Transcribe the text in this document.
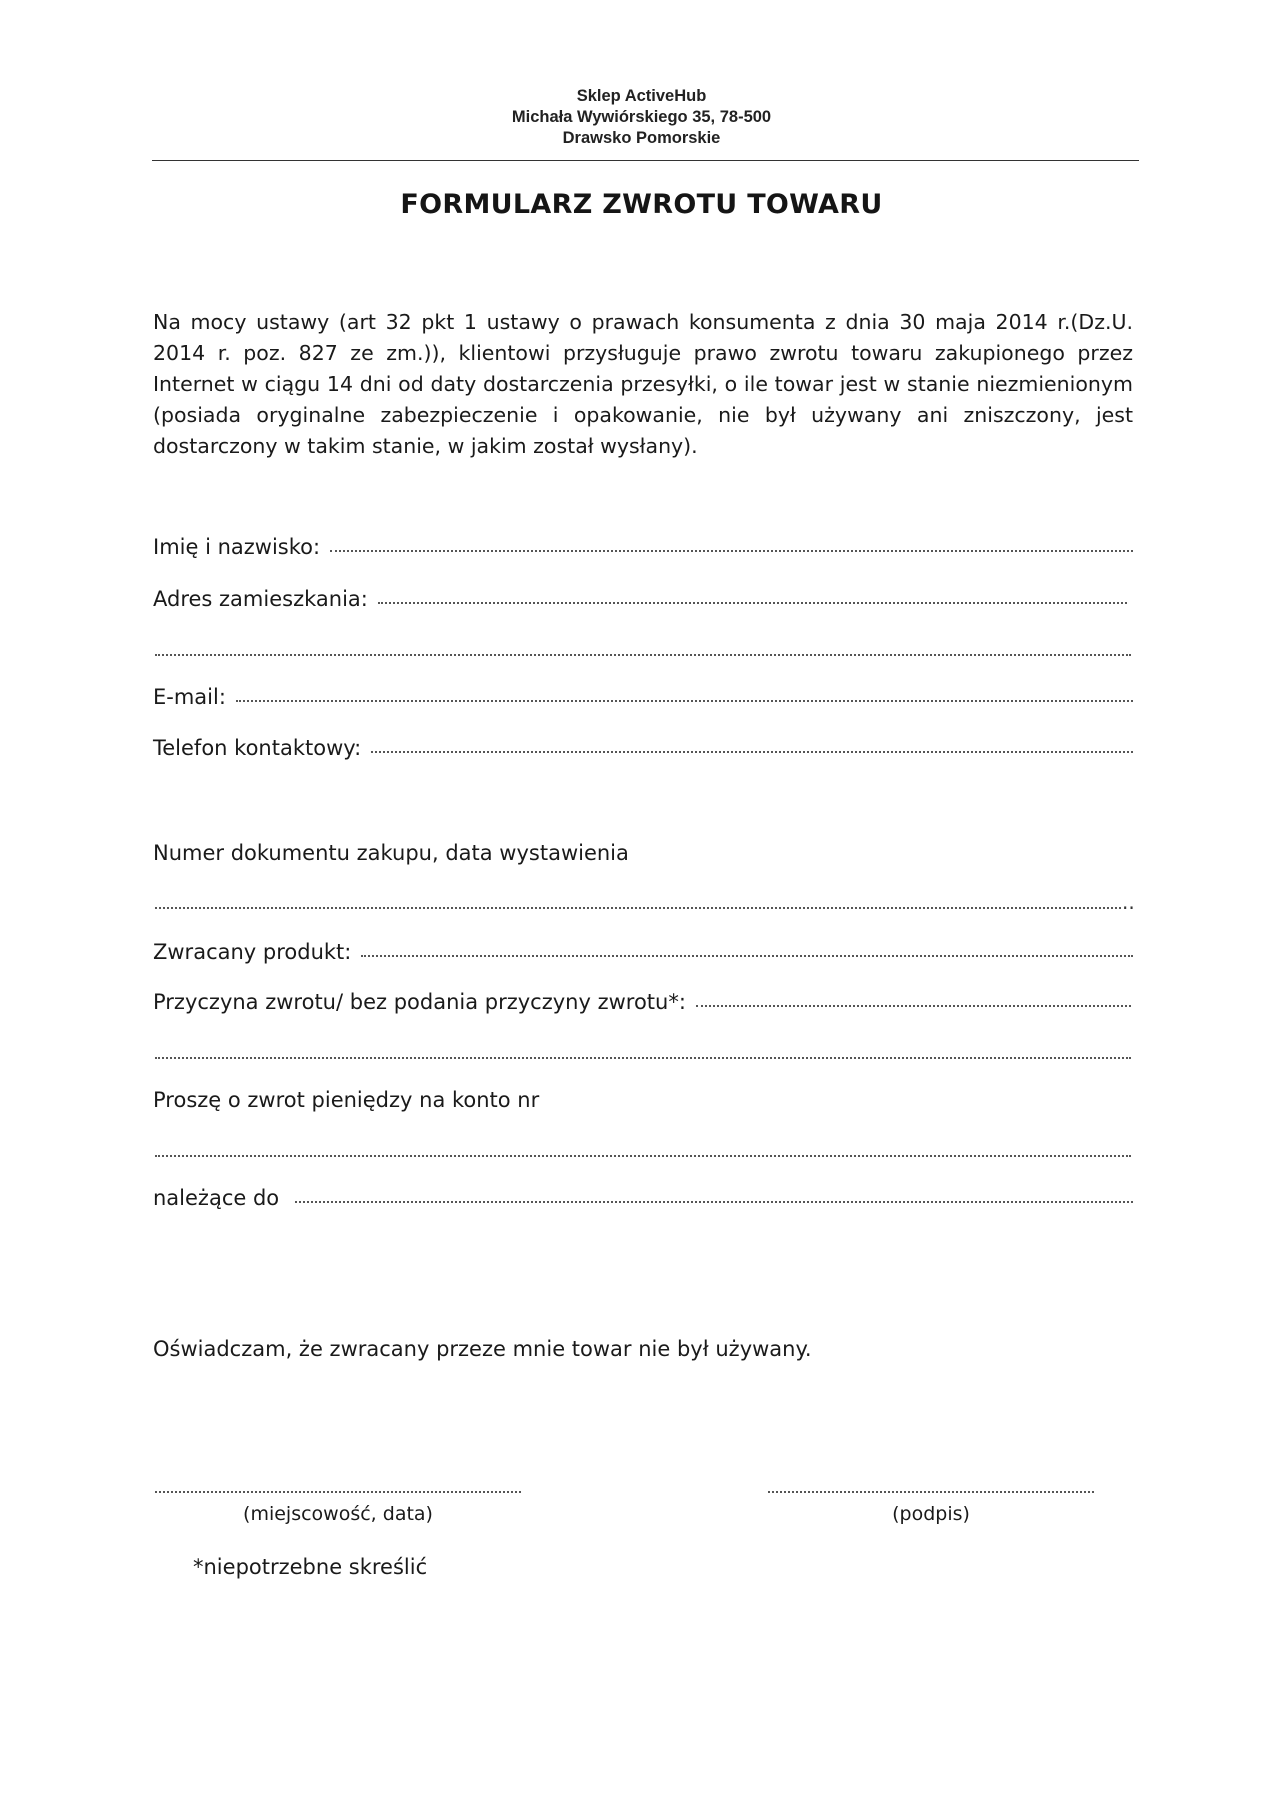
Sklep ActiveHub
Michała Wywiórskiego 35, 78-500
Drawsko Pomorskie
FORMULARZ ZWROTU TOWARU

Na mocy ustawy (art 32 pkt 1 ustawy o prawach konsumenta z dnia 30 maja 2014 r.(Dz.U. 2014 r. poz. 827 ze zm.)), klientowi przysługuje prawo zwrotu towaru zakupionego przez Internet w ciągu 14 dni od daty dostarczenia przesyłki, o ile towar jest w stanie niezmienionym (posiada oryginalne zabezpieczenie i opakowanie, nie był używany ani zniszczony, jest dostarczony w takim stanie, w jakim został wysłany).

Imię i nazwisko:
Adres zamieszkania:
E-mail:
Telefon kontaktowy:
Numer dokumentu zakupu, data wystawienia
..
Zwracany produkt:
Przyczyna zwrotu/ bez podania przyczyny zwrotu*:
Proszę o zwrot pieniędzy na konto nr
należące do
Oświadczam, że zwracany przeze mnie towar nie był używany.
(miejscowość, data)	(podpis)
*niepotrzebne skreślić
